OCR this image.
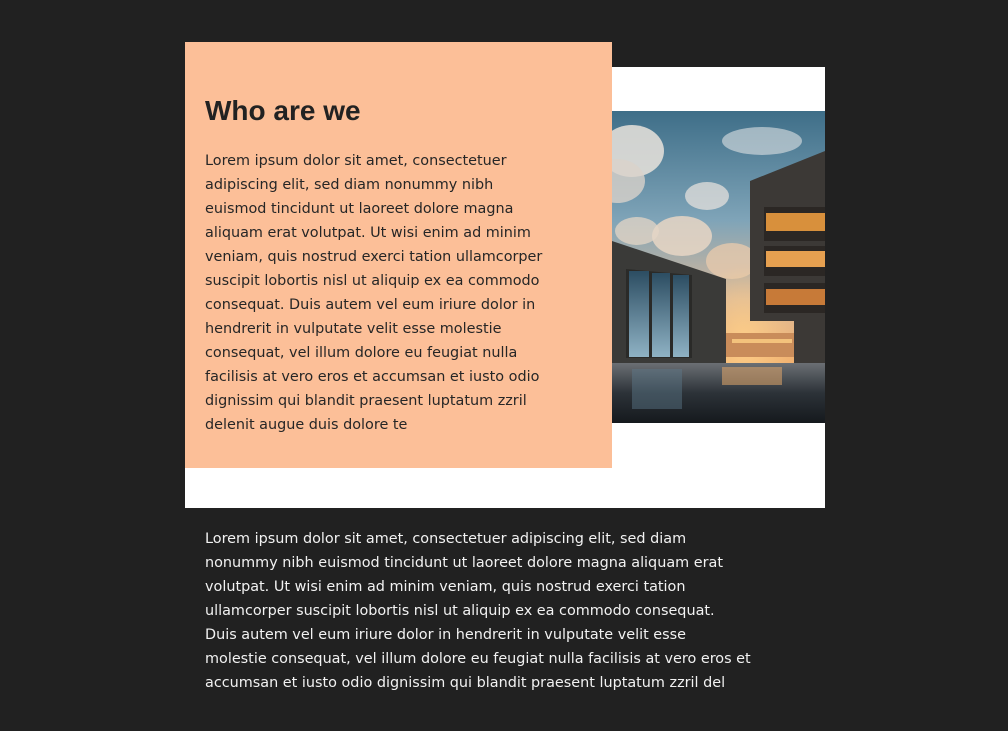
Who are we

Lorem ipsum dolor sit amet, consectetuer
adipiscing elit, sed diam nonummy nibh
euismod tincidunt ut laoreet dolore magna
aliquam erat volutpat. Ut wisi enim ad minim
veniam, quis nostrud exerci tation ullamcorper
suscipit lobortis nisl ut aliquip ex ea commodo
consequat. Duis autem vel eum iriure dolor in
hendrerit in vulputate velit esse molestie
consequat, vel illum dolore eu feugiat nulla
facilisis at vero eros et accumsan et iusto odio
dignissim qui blandit praesent luptatum zzril
delenit augue duis dolore te

Lorem ipsum dolor sit amet, consectetuer adipiscing elit, sed diam
nonummy nibh euismod tincidunt ut laoreet dolore magna aliquam erat
volutpat. Ut wisi enim ad minim veniam, quis nostrud exerci tation
ullamcorper suscipit lobortis nisl ut aliquip ex ea commodo consequat.
Duis autem vel eum iriure dolor in hendrerit in vulputate velit esse
molestie consequat, vel illum dolore eu feugiat nulla facilisis at vero eros et
accumsan et iusto odio dignissim qui blandit praesent luptatum zzril del
